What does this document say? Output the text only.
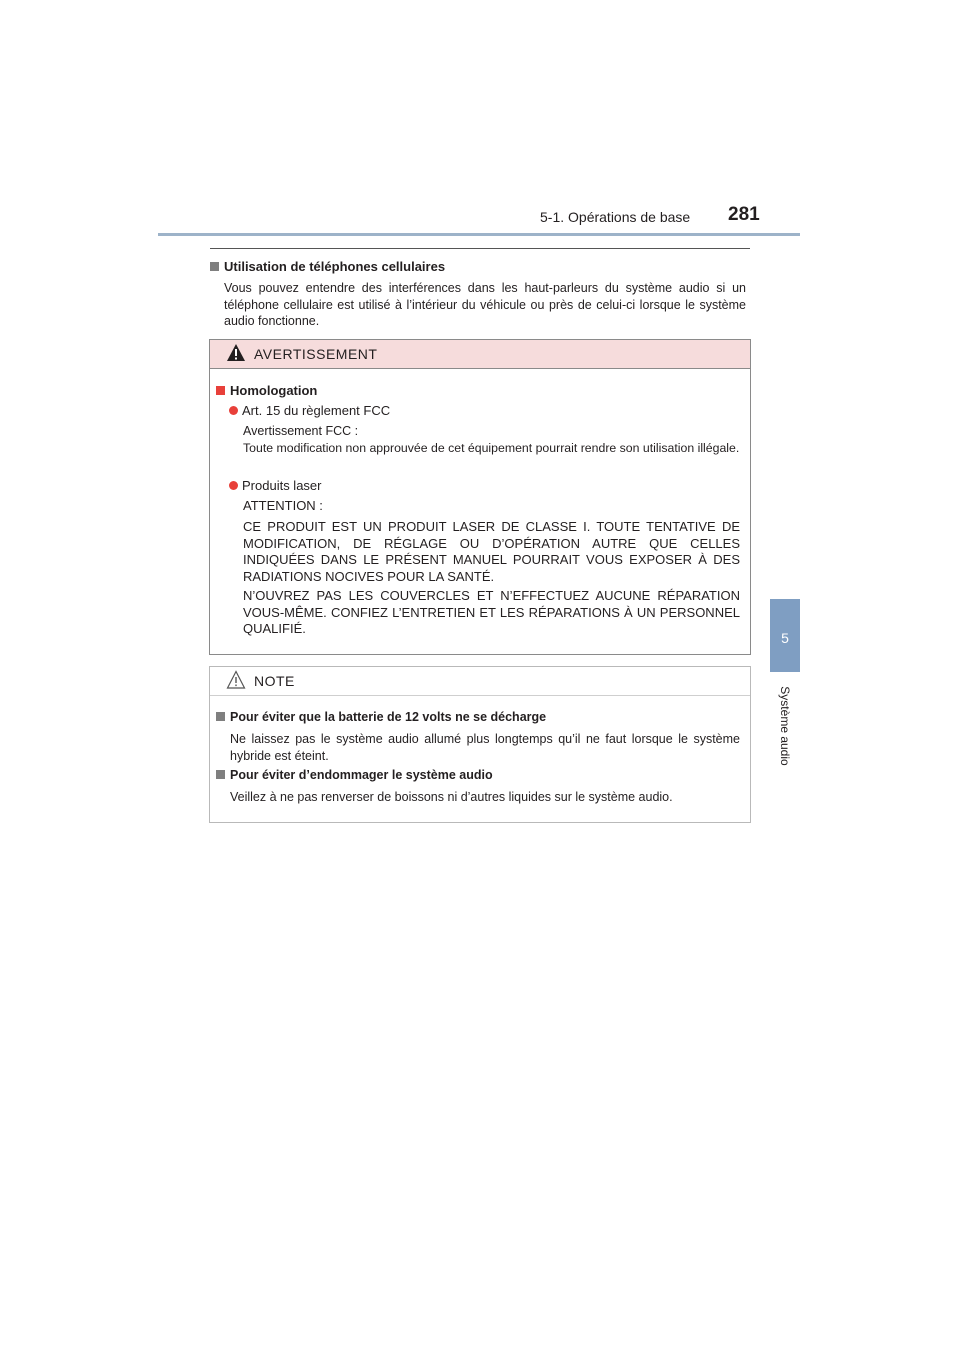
5-1. Opérations de base 281
5
Système audio
Utilisation de téléphones cellulaires
Vous pouvez entendre des interférences dans les haut-parleurs du système audio si un téléphone cellulaire est utilisé à l’intérieur du véhicule ou près de celui-ci lorsque le système audio fonctionne.
AVERTISSEMENT
Homologation
Art. 15 du règlement FCC
Avertissement FCC :
Toute modification non approuvée de cet équipement pourrait rendre son utilisation illégale.
Produits laser
ATTENTION :
CE PRODUIT EST UN PRODUIT LASER DE CLASSE I. TOUTE TENTATIVE DE MODIFICATION, DE RÉGLAGE OU D’OPÉRATION AUTRE QUE CELLES INDIQUÉES DANS LE PRÉSENT MANUEL POURRAIT VOUS EXPOSER À DES RADIATIONS NOCIVES POUR LA SANTÉ.
N’OUVREZ PAS LES COUVERCLES ET N’EFFECTUEZ AUCUNE RÉPARATION VOUS-MÊME. CONFIEZ L’ENTRETIEN ET LES RÉPARATIONS À UN PERSONNEL QUALIFIÉ.
NOTE
Pour éviter que la batterie de 12 volts ne se décharge
Ne laissez pas le système audio allumé plus longtemps qu’il ne faut lorsque le système hybride est éteint.
Pour éviter d’endommager le système audio
Veillez à ne pas renverser de boissons ni d’autres liquides sur le système audio.
